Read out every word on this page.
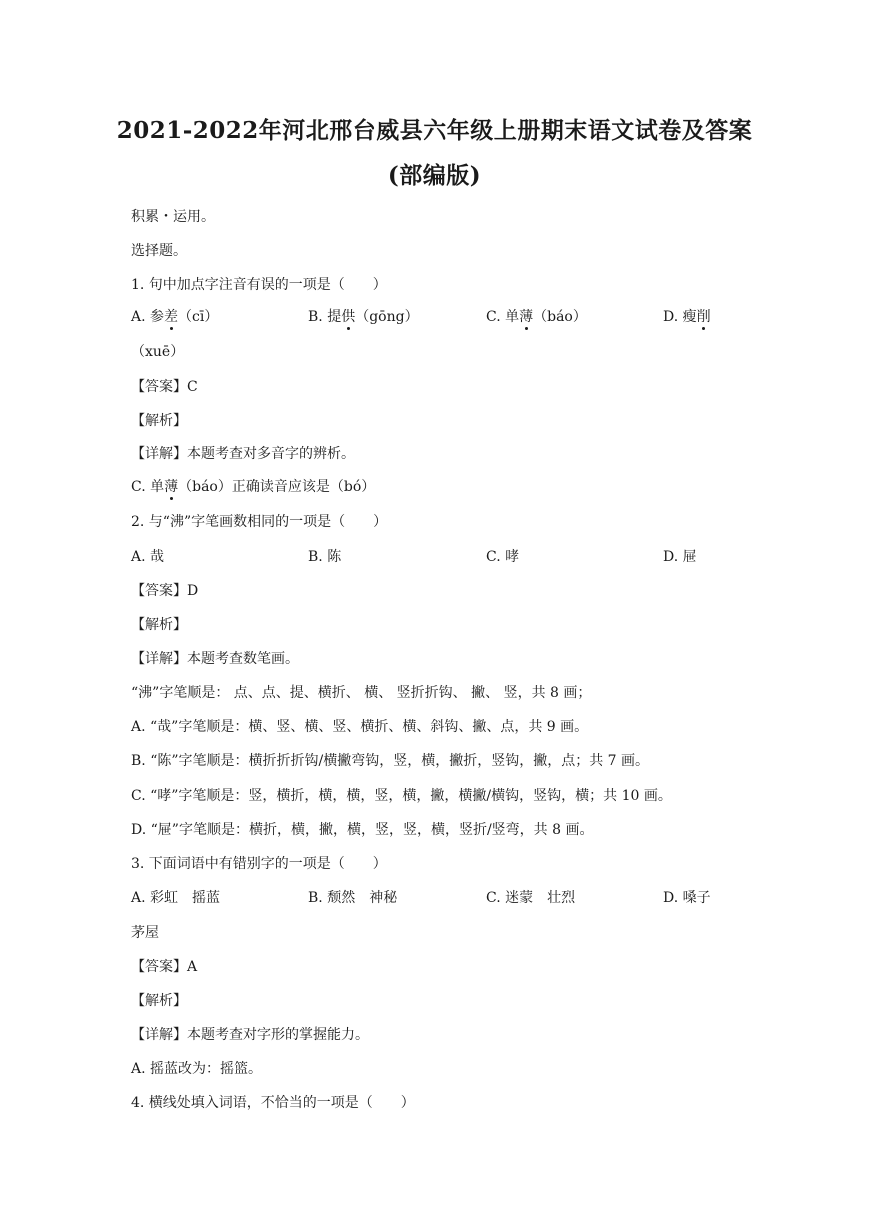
2021-2022年河北邢台威县六年级上册期末语文试卷及答案
(部编版)
积累・运用。
选择题。
1. 句中加点字注音有误的一项是（　　）
A. 参差（cī）	B. 提供（gōng）	C. 单薄（báo）	D. 瘦削
（xuē）
【答案】C
【解析】
【详解】本题考查对多音字的辨析。
C. 单薄（báo）正确读音应该是（bó）
2. 与“沸”字笔画数相同的一项是（　　）
A. 哉	B. 陈	C. 哮	D. 屉
【答案】D
【解析】
【详解】本题考查数笔画。
“沸”字笔顺是： 点、点、提、横折、 横、 竖折折钩、 撇、 竖，共 8 画；
A. “哉”字笔顺是：横、竖、横、竖、横折、横、斜钩、撇、点，共 9 画。
B. “陈”字笔顺是：横折折折钩/横撇弯钩，竖，横，撇折，竖钩，撇，点；共 7 画。
C. “哮”字笔顺是：竖，横折，横，横，竖，横，撇，横撇/横钩，竖钩，横；共 10 画。
D. “屉”字笔顺是：横折，横，撇，横，竖，竖，横，竖折/竖弯，共 8 画。
3. 下面词语中有错别字的一项是（　　）
A. 彩虹　摇蓝	B. 颓然　神秘	C. 迷蒙　壮烈	D. 嗓子
茅屋
【答案】A
【解析】
【详解】本题考查对字形的掌握能力。
A. 摇蓝改为：摇篮。
4. 横线处填入词语，不恰当的一项是（　　）
